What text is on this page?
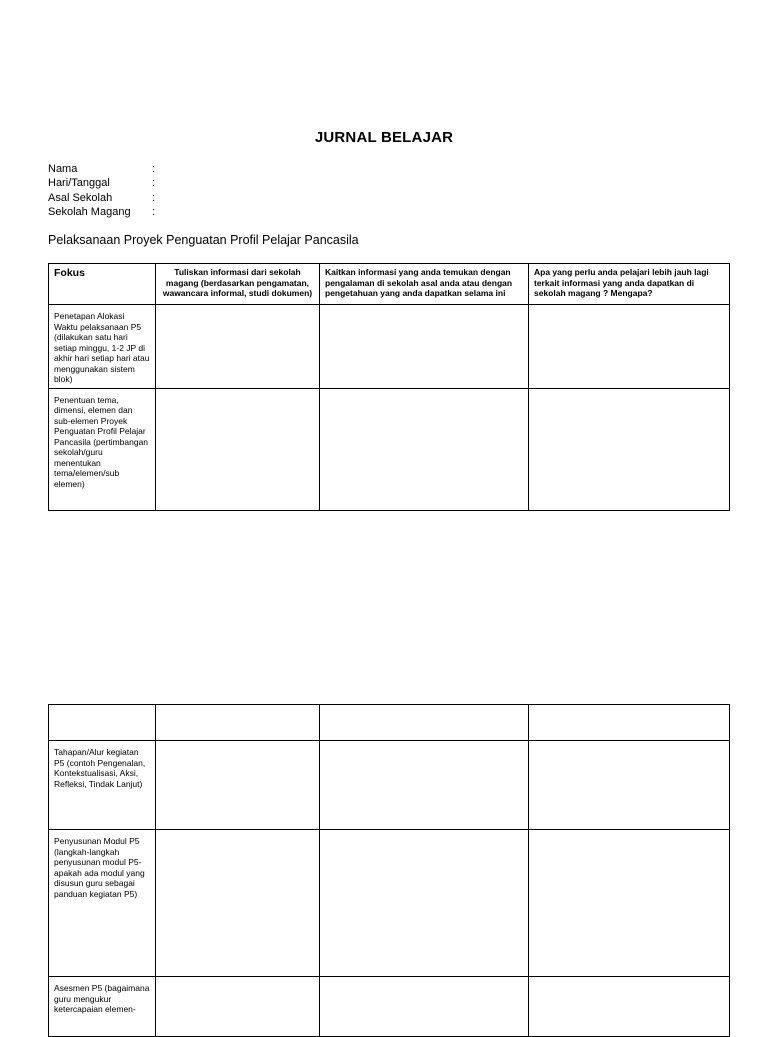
JURNAL BELAJAR
Nama	:
Hari/Tanggal	:
Asal Sekolah	:
Sekolah Magang	:
Pelaksanaan Proyek Penguatan Profil Pelajar Pancasila
Fokus	Tuliskan informasi dari sekolah magang (berdasarkan pengamatan, wawancara informal, studi dokumen)	Kaitkan informasi yang anda temukan dengan pengalaman di sekolah asal anda atau dengan pengetahuan yang anda dapatkan selama ini	Apa yang perlu anda pelajari lebih jauh lagi terkait informasi yang anda dapatkan di sekolah magang ? Mengapa?
Penetapan Alokasi Waktu pelaksanaan P5 (dilakukan satu hari setiap minggu, 1-2 JP di akhir hari setiap hari atau menggunakan sistem blok)			
Penentuan tema, dimensi, elemen dan sub-elemen Proyek Penguatan Profil Pelajar Pancasila (pertimbangan sekolah/guru menentukan tema/elemen/sub elemen)			

Tahapan/Alur kegiatan P5 (contoh Pengenalan, Kontekstualisasi, Aksi, Refleksi, Tindak Lanjut)			
Penyusunan Modul P5 (langkah-langkah penyusunan modul P5-apakah ada modul yang disusun guru sebagai panduan kegiatan P5)			
Asesmen P5 (bagaimana guru mengukur ketercapaian elemen-			
